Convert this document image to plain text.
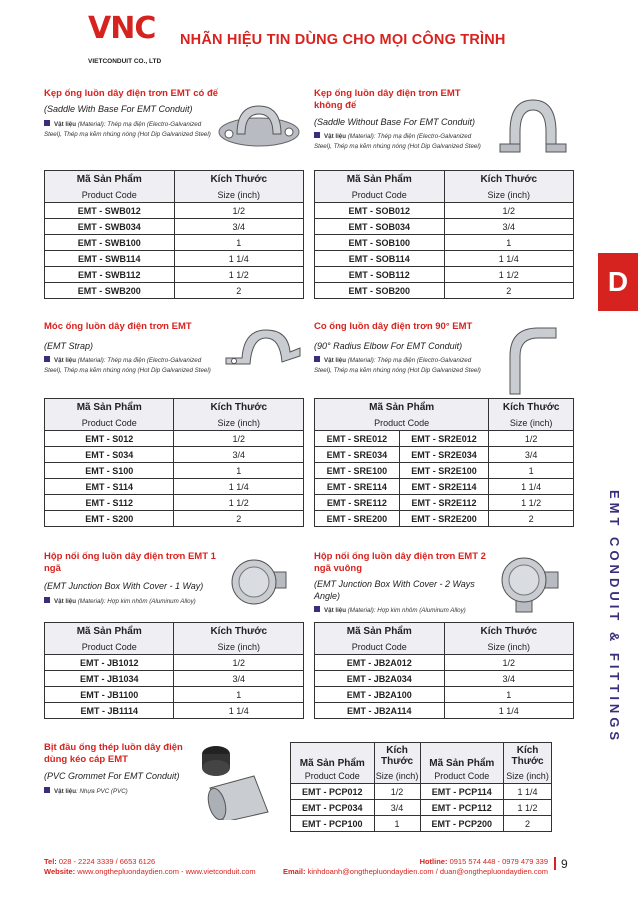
VNC
VIETCONDUIT CO., LTD
NHÃN HIỆU TIN DÙNG CHO MỌI CÔNG TRÌNH
D
EMT CONDUIT & FITTINGS
Kẹp ống luồn dây điện trơn EMT có đế
(Saddle With Base For EMT Conduit)
Vật liệu (Material): Thép mạ điện (Electro-Galvanized Steel), Thép mạ kẽm nhúng nóng (Hot Dip Galvanized Steel)
Mã Sản Phẩm	Kích Thước
Product Code	Size (inch)
EMT - SWB012	1/2
EMT - SWB034	3/4
EMT - SWB100	1
EMT - SWB114	1 1/4
EMT - SWB112	1 1/2
EMT - SWB200	2
Kẹp ống luồn dây điện trơn EMT không đế
(Saddle Without Base For EMT Conduit)
Vật liệu (Material): Thép mạ điện (Electro-Galvanized Steel), Thép mạ kẽm nhúng nóng (Hot Dip Galvanized Steel)
Mã Sản Phẩm	Kích Thước
Product Code	Size (inch)
EMT - SOB012	1/2
EMT - SOB034	3/4
EMT - SOB100	1
EMT - SOB114	1 1/4
EMT - SOB112	1 1/2
EMT - SOB200	2
Móc ống luồn dây điện trơn EMT
(EMT Strap)
Vật liệu (Material): Thép mạ điện (Electro-Galvanized Steel), Thép mạ kẽm nhúng nóng (Hot Dip Galvanized Steel)
Mã Sản Phẩm	Kích Thước
Product Code	Size (inch)
EMT - S012	1/2
EMT - S034	3/4
EMT - S100	1
EMT - S114	1 1/4
EMT - S112	1 1/2
EMT - S200	2
Co ống luồn dây điện trơn 90° EMT
(90° Radius Elbow For EMT Conduit)
Vật liệu (Material): Thép mạ điện (Electro-Galvanized Steel), Thép mạ kẽm nhúng nóng (Hot Dip Galvanized Steel)
Mã Sản Phẩm		Kích Thước
Product Code		Size (inch)
EMT - SRE012	EMT - SR2E012	1/2
EMT - SRE034	EMT - SR2E034	3/4
EMT - SRE100	EMT - SR2E100	1
EMT - SRE114	EMT - SR2E114	1 1/4
EMT - SRE112	EMT - SR2E112	1 1/2
EMT - SRE200	EMT - SR2E200	2
Hộp nối ống luồn dây điện trơn EMT 1 ngã
(EMT Junction Box With Cover - 1 Way)
Vật liệu (Material): Hợp kim nhôm (Aluminum Alloy)
Mã Sản Phẩm	Kích Thước
Product Code	Size (inch)
EMT - JB1012	1/2
EMT - JB1034	3/4
EMT - JB1100	1
EMT - JB1114	1 1/4
Hộp nối ống luồn dây điện trơn EMT 2 ngã vuông
(EMT Junction Box With Cover - 2 Ways Angle)
Vật liệu (Material): Hợp kim nhôm (Aluminum Alloy)
Mã Sản Phẩm	Kích Thước
Product Code	Size (inch)
EMT - JB2A012	1/2
EMT - JB2A034	3/4
EMT - JB2A100	1
EMT - JB2A114	1 1/4
Bịt đầu ống thép luồn dây điện dùng kéo cáp EMT
(PVC Grommet For EMT Conduit)
Vật liệu: Nhựa PVC (PVC)
Mã Sản Phẩm	Kích Thước	Mã Sản Phẩm	Kích Thước
Product Code	Size (inch)	Product Code	Size (inch)
EMT - PCP012	1/2	EMT - PCP114	1 1/4
EMT - PCP034	3/4	EMT - PCP112	1 1/2
EMT - PCP100	1	EMT - PCP200	2
Tel: 028 - 2224 3339 / 6653 6126
Website: www.ongthepluondaydien.com - www.vietconduit.com
Hotline: 0915 574 448 - 0979 479 339
Email: kinhdoanh@ongthepluondaydien.com / duan@ongthepluondaydien.com
9
